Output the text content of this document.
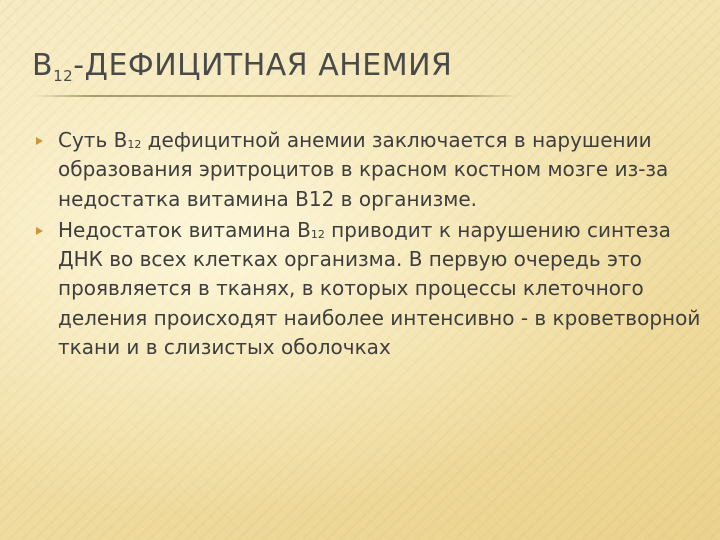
$B_{12}$-ДЕФИЦИТНАЯ АНЕМИЯ
Суть $В_{12}$ дефицитной анемии заключается в нарушении образования эритроцитов в красном костном мозге из-за недостатка витамина В12 в организме.
Недостаток витамина $В_{12}$ приводит к нарушению синтеза ДНК во всех клетках организма. В первую очередь это проявляется в тканях, в которых процессы клеточного деления происходят наиболее интенсивно - в кроветворной ткани и в слизистых оболочках
